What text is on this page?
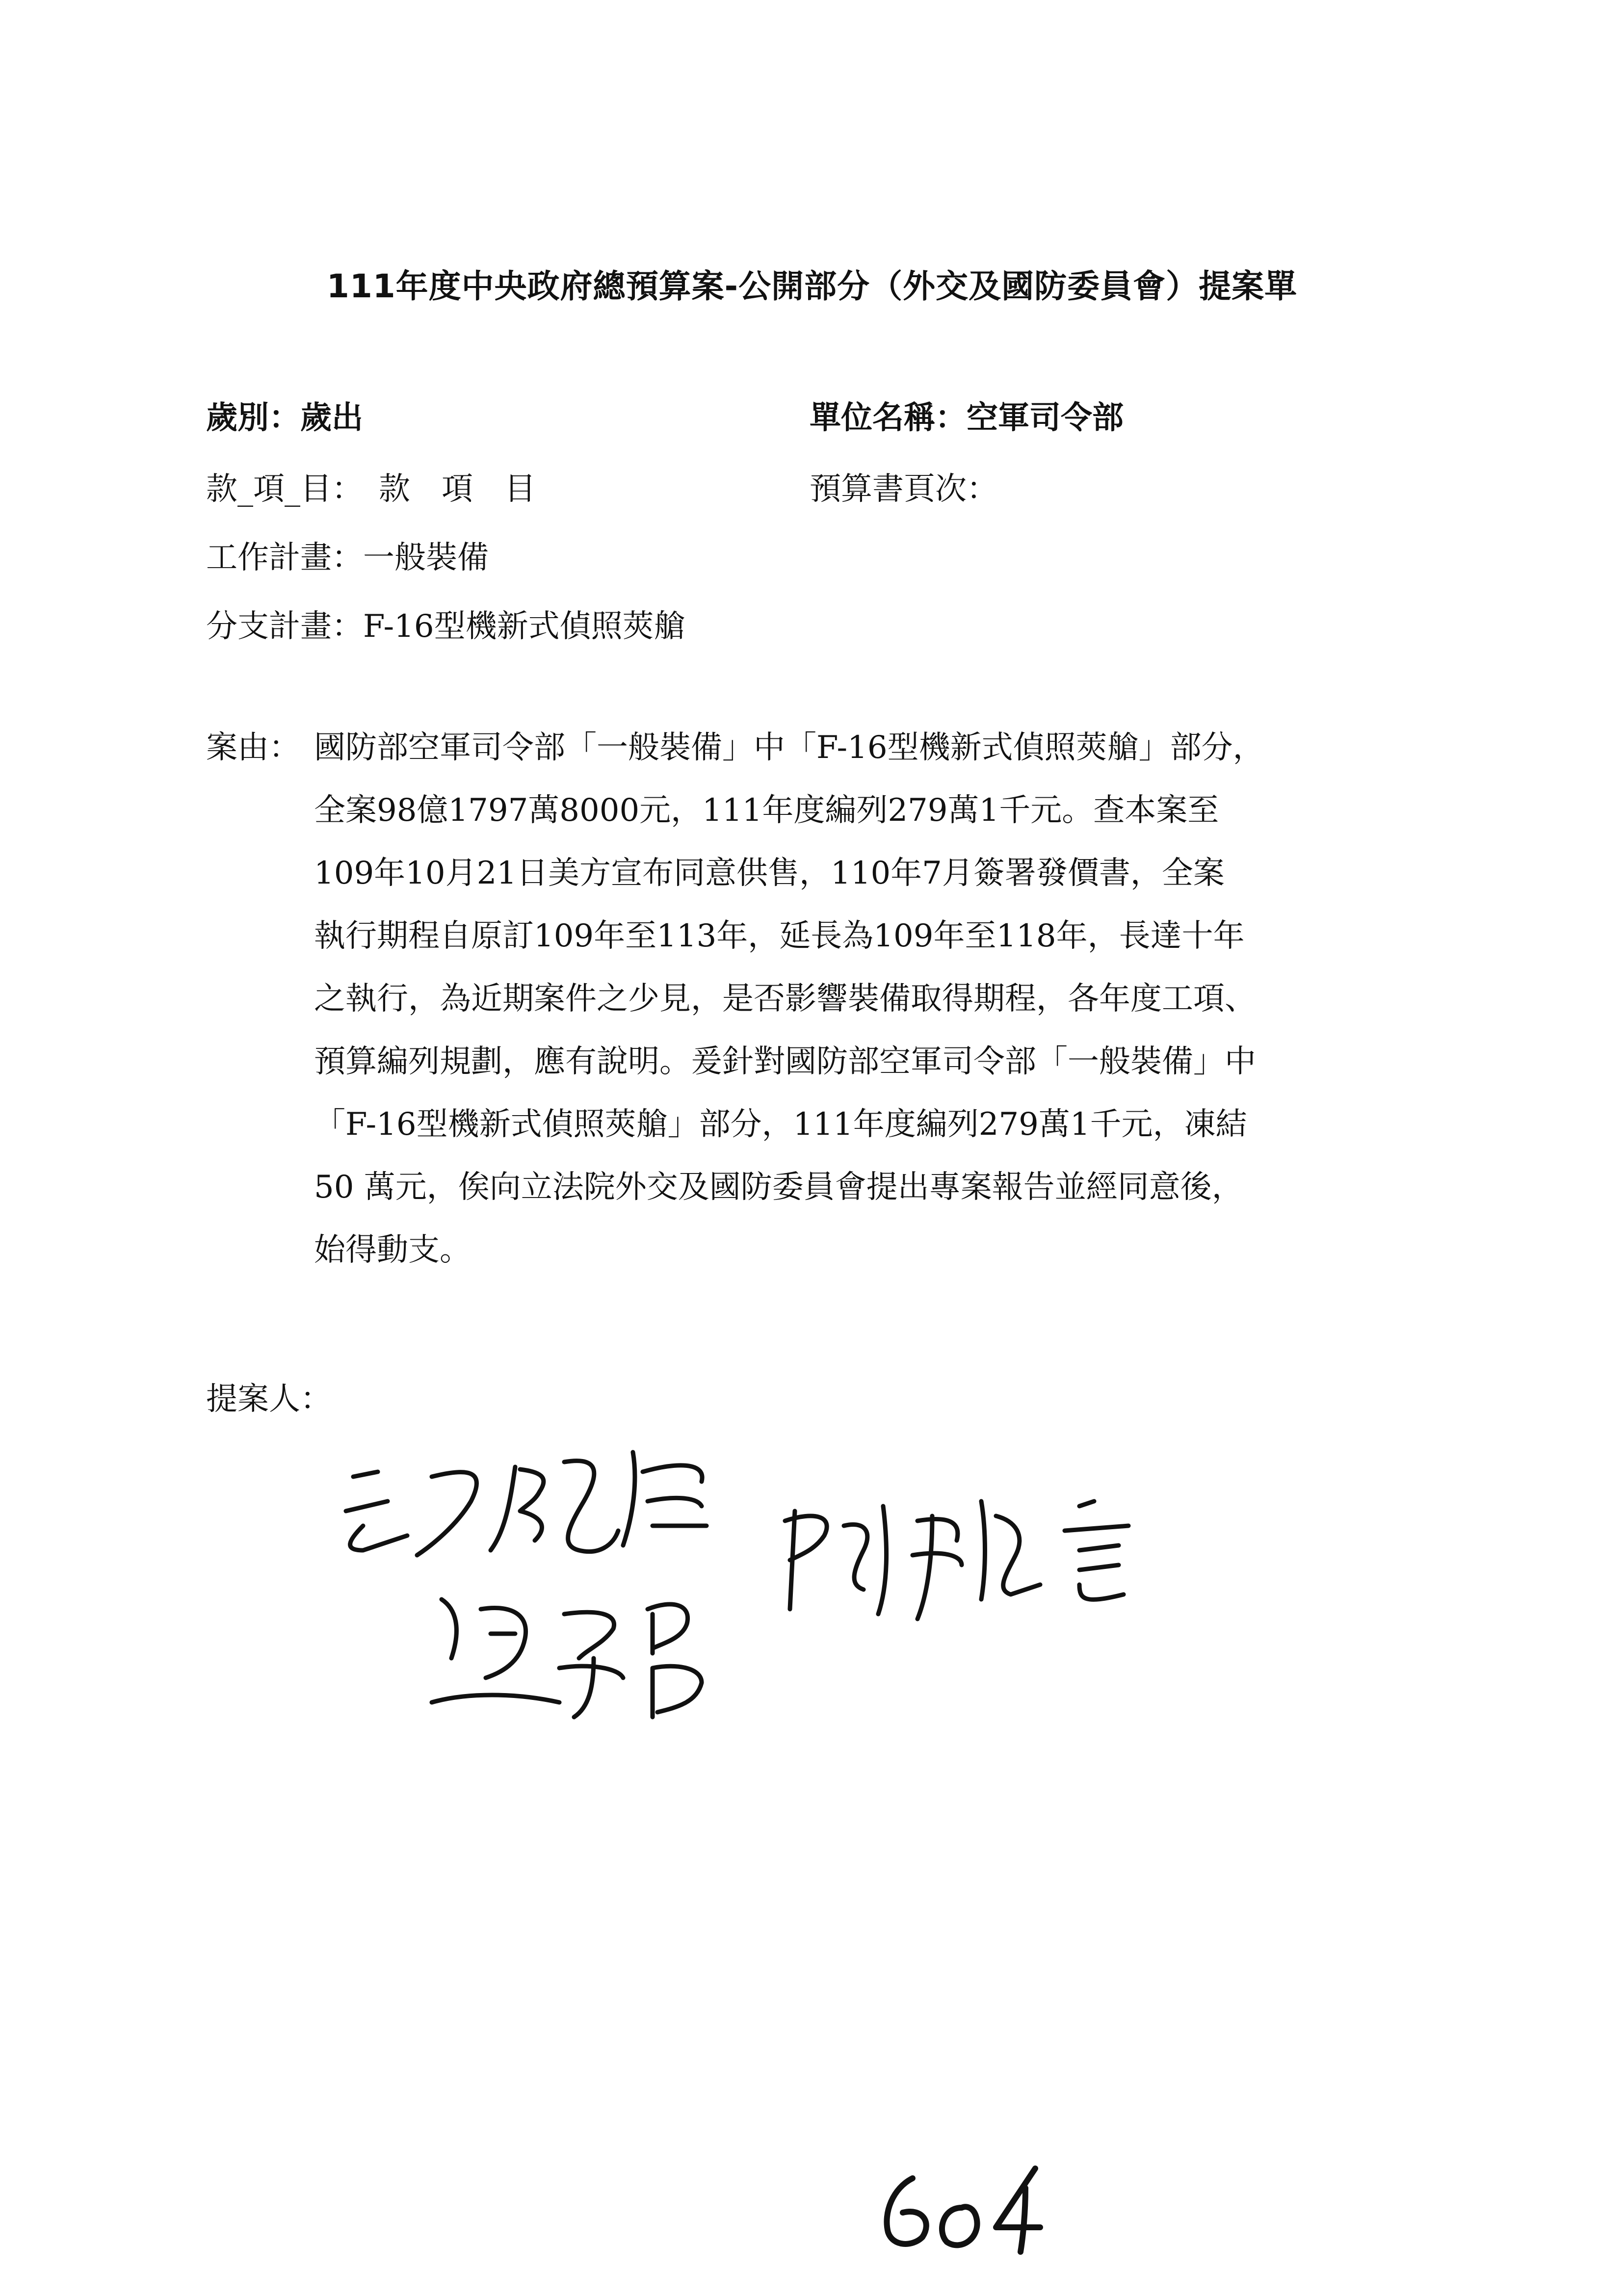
111年度中央政府總預算案-公開部分（外交及國防委員會）提案單
歲別：歲出	單位名稱：空軍司令部
款_項_目：　款　項　目	預算書頁次：
工作計畫：一般裝備
分支計畫：F-16型機新式偵照莢艙
案由： 國防部空軍司令部「一般裝備」中「F-16型機新式偵照莢艙」部分，
全案98億1797萬8000元，111年度編列279萬1千元。查本案至
109年10月21日美方宣布同意供售，110年7月簽署發價書，全案
執行期程自原訂109年至113年，延長為109年至118年，長達十年
之執行，為近期案件之少見，是否影響裝備取得期程，各年度工項、
預算編列規劃，應有說明。爰針對國防部空軍司令部「一般裝備」中
「F-16型機新式偵照莢艙」部分，111年度編列279萬1千元，凍結
50 萬元，俟向立法院外交及國防委員會提出專案報告並經同意後，
始得動支。
提案人：
604
